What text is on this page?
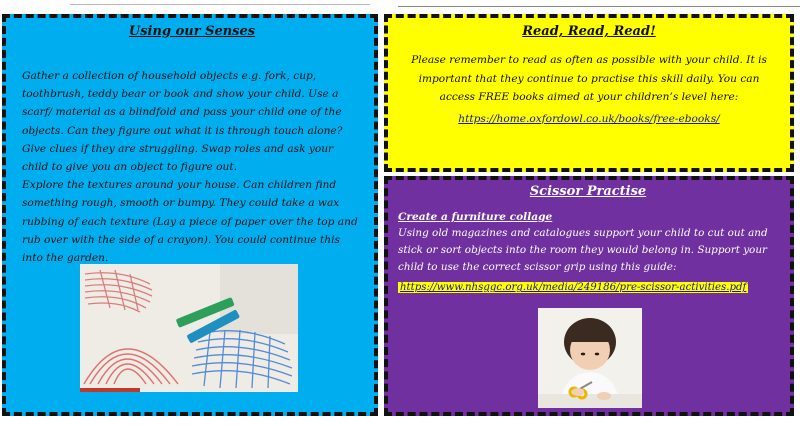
Using our Senses

Gather a collection of household objects e.g. fork, cup, toothbrush, teddy bear or book and show your child. Use a scarf/ material as a blindfold and pass your child one of the objects. Can they figure out what it is through touch alone? Give clues if they are struggling. Swap roles and ask your child to give you an object to figure out.

Explore the textures around your house. Can children find something rough, smooth or bumpy. They could take a wax rubbing of each texture (Lay a piece of paper over the top and rub over with the side of a crayon). You could continue this into the garden.

Read, Read, Read!

Please remember to read as often as possible with your child. It is important that they continue to practise this skill daily. You can access FREE books aimed at your children’s level here:

https://home.oxfordowl.co.uk/books/free-ebooks/
Scissor Practise

Create a furniture collage

Using old magazines and catalogues support your child to cut out and stick or sort objects into the room they would belong in. Support your child to use the correct scissor grip using this guide:

https://www.nhsggc.org.uk/media/249186/pre-scissor-activities.pdf
